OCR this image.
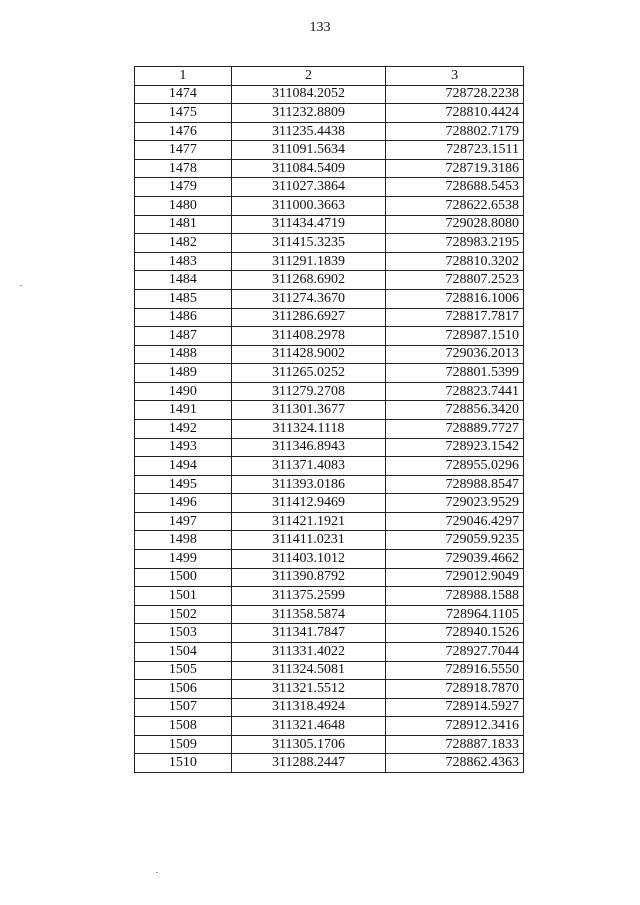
133
1	2	3
1474	311084.2052	728728.2238
1475	311232.8809	728810.4424
1476	311235.4438	728802.7179
1477	311091.5634	728723.1511
1478	311084.5409	728719.3186
1479	311027.3864	728688.5453
1480	311000.3663	728622.6538
1481	311434.4719	729028.8080
1482	311415.3235	728983.2195
1483	311291.1839	728810.3202
1484	311268.6902	728807.2523
1485	311274.3670	728816.1006
1486	311286.6927	728817.7817
1487	311408.2978	728987.1510
1488	311428.9002	729036.2013
1489	311265.0252	728801.5399
1490	311279.2708	728823.7441
1491	311301.3677	728856.3420
1492	311324.1118	728889.7727
1493	311346.8943	728923.1542
1494	311371.4083	728955.0296
1495	311393.0186	728988.8547
1496	311412.9469	729023.9529
1497	311421.1921	729046.4297
1498	311411.0231	729059.9235
1499	311403.1012	729039.4662
1500	311390.8792	729012.9049
1501	311375.2599	728988.1588
1502	311358.5874	728964.1105
1503	311341.7847	728940.1526
1504	311331.4022	728927.7044
1505	311324.5081	728916.5550
1506	311321.5512	728918.7870
1507	311318.4924	728914.5927
1508	311321.4648	728912.3416
1509	311305.1706	728887.1833
1510	311288.2447	728862.4363
